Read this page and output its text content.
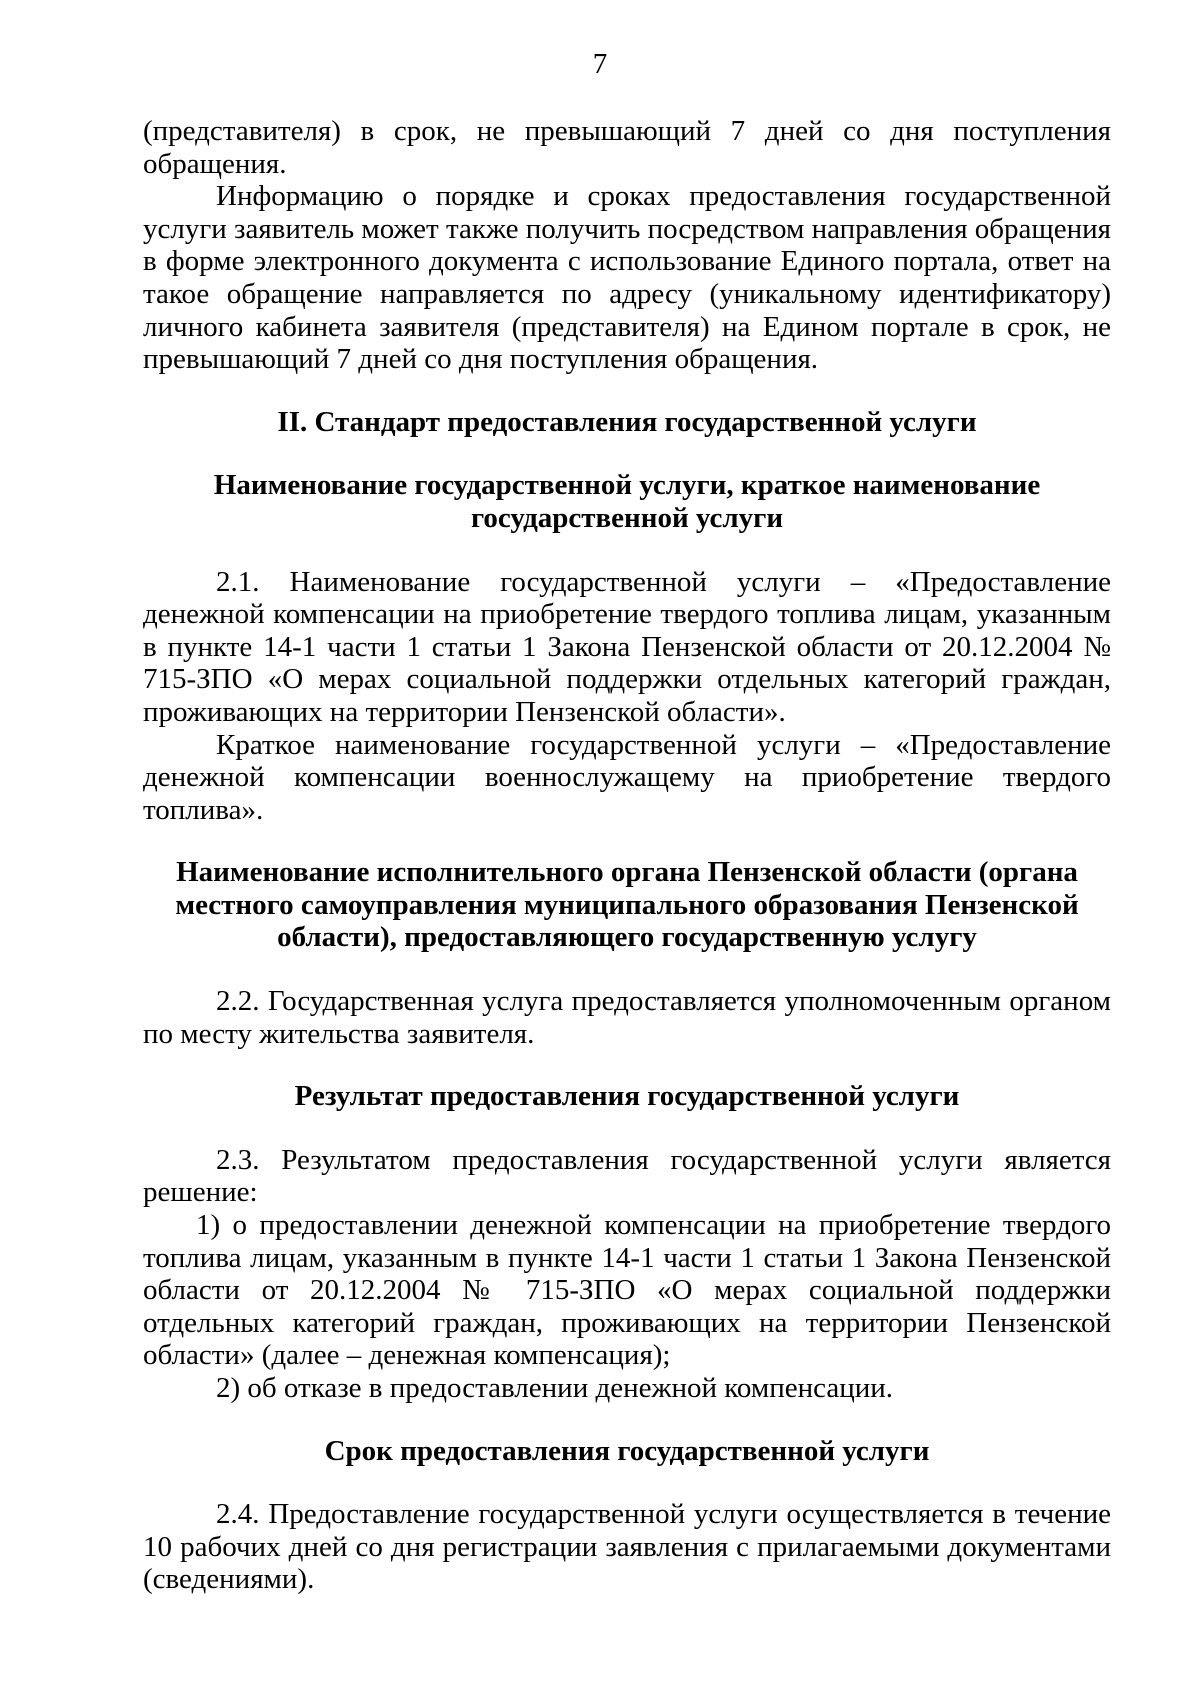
7

(представителя) в срок, не превышающий 7 дней со дня поступления обращения.

Информацию о порядке и сроках предоставления государственной услуги заявитель может также получить посредством направления обращения в форме электронного документа с использование Единого портала, ответ на такое обращение направляется по адресу (уникальному идентификатору) личного кабинета заявителя (представителя) на Едином портале в срок, не превышающий 7 дней со дня поступления обращения.

II. Стандарт предоставления государственной услуги
Наименование государственной услуги, краткое наименование
государственной услуги

2.1. Наименование государственной услуги – «Предоставление денежной компенсации на приобретение твердого топлива лицам, указанным в пункте 14-1 части 1 статьи 1 Закона Пензенской области от 20.12.2004 № 715-ЗПО «О мерах социальной поддержки отдельных категорий граждан, проживающих на территории Пензенской области».

Краткое наименование государственной услуги – «Предоставление денежной компенсации военнослужащему на приобретение твердого топлива».

Наименование исполнительного органа Пензенской области (органа
местного самоуправления муниципального образования Пензенской
области), предоставляющего государственную услугу

2.2. Государственная услуга предоставляется уполномоченным органом по месту жительства заявителя.

Результат предоставления государственной услуги

2.3. Результатом предоставления государственной услуги является решение:

1) о предоставлении денежной компенсации на приобретение твердого топлива лицам, указанным в пункте 14-1 части 1 статьи 1 Закона Пензенской области от 20.12.2004 № 715-ЗПО «О мерах социальной поддержки отдельных категорий граждан, проживающих на территории Пензенской области» (далее – денежная компенсация);

2) об отказе в предоставлении денежной компенсации.

Срок предоставления государственной услуги

2.4. Предоставление государственной услуги осуществляется в течение 10 рабочих дней со дня регистрации заявления с прилагаемыми документами (сведениями).
